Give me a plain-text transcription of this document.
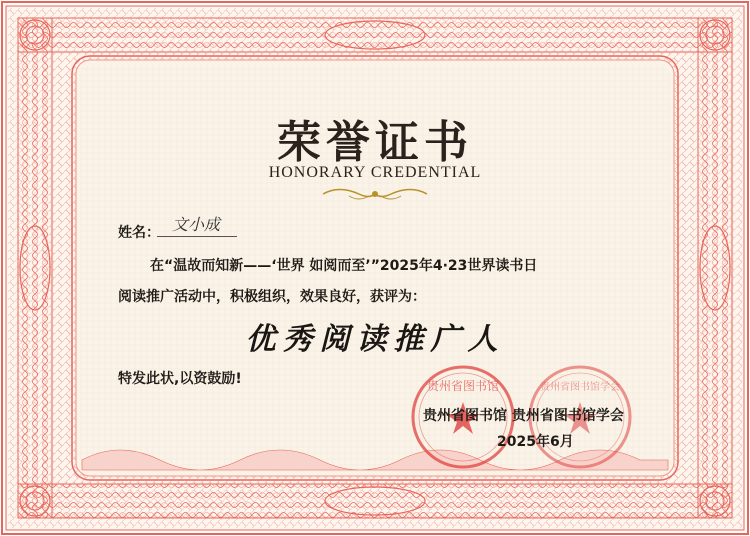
荣誉证书
HONORARY CREDENTIAL
姓名： 文小成
在“温故而知新——‘世界 如阅而至’”2025年4·23世界读书日
阅读推广活动中，积极组织，效果良好，获评为：
优秀阅读推广人
特发此状,以资鼓励!	贵州省图书馆	贵州省图书馆学会
贵州省图书馆 贵州省图书馆学会
2025年6月
